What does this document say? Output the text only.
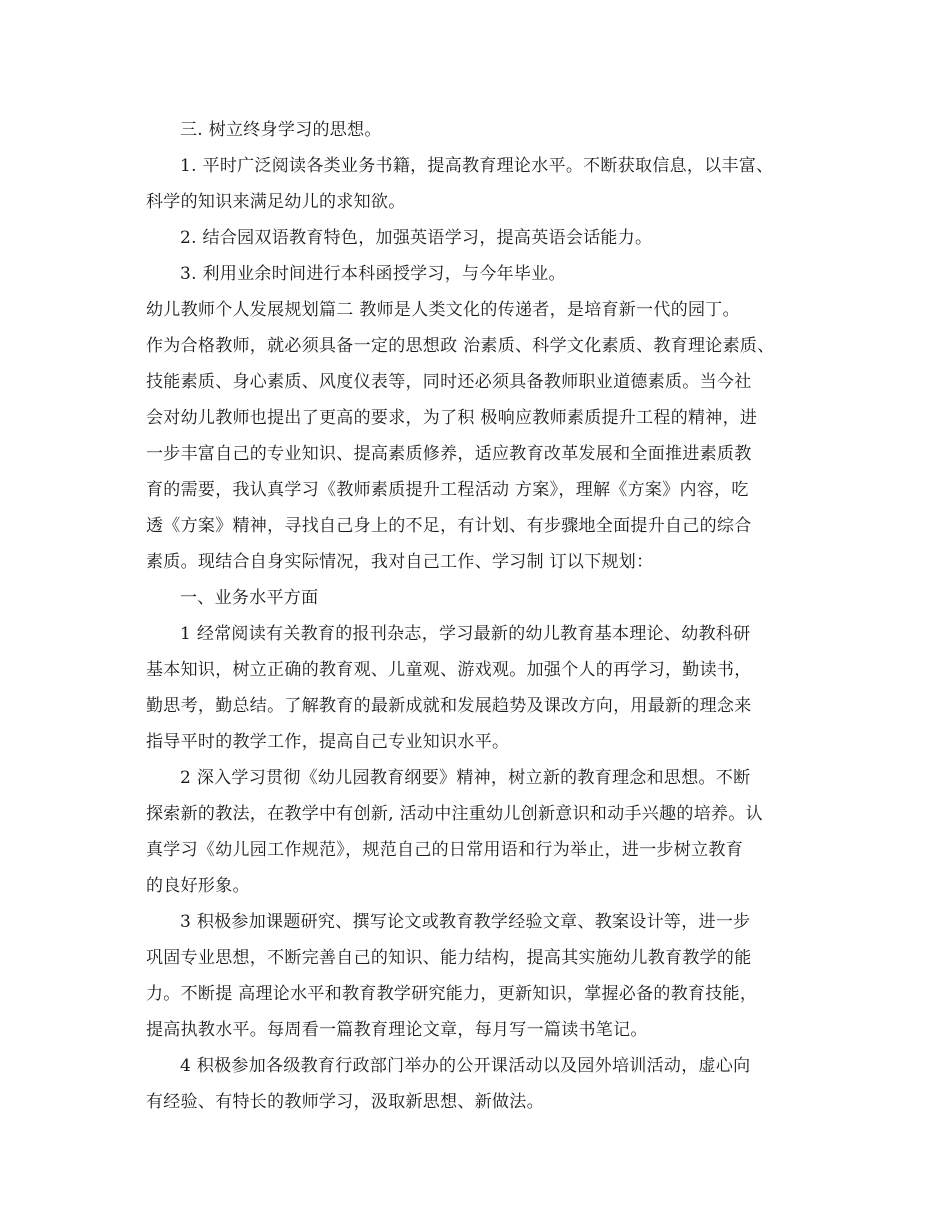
三. 树立终身学习的思想。
1. 平时广泛阅读各类业务书籍，提高教育理论水平。不断获取信息，以丰富、
科学的知识来满足幼儿的求知欲。
2. 结合园双语教育特色，加强英语学习，提高英语会话能力。
3. 利用业余时间进行本科函授学习，与今年毕业。
幼儿教师个人发展规划篇二 教师是人类文化的传递者，是培育新一代的园丁。
作为合格教师，就必须具备一定的思想政 治素质、科学文化素质、教育理论素质、
技能素质、身心素质、风度仪表等，同时还必须具备教师职业道德素质。当今社
会对幼儿教师也提出了更高的要求，为了积 极响应教师素质提升工程的精神，进
一步丰富自己的专业知识、提高素质修养，适应教育改革发展和全面推进素质教
育的需要，我认真学习《教师素质提升工程活动 方案》，理解《方案》内容，吃
透《方案》精神，寻找自己身上的不足，有计划、有步骤地全面提升自己的综合
素质。现结合自身实际情况，我对自己工作、学习制 订以下规划：
一、业务水平方面
1 经常阅读有关教育的报刊杂志，学习最新的幼儿教育基本理论、幼教科研
基本知识，树立正确的教育观、儿童观、游戏观。加强个人的再学习，勤读书，
勤思考，勤总结。了解教育的最新成就和发展趋势及课改方向，用最新的理念来
指导平时的教学工作，提高自己专业知识水平。
2 深入学习贯彻《幼儿园教育纲要》精神，树立新的教育理念和思想。不断
探索新的教法，在教学中有创新, 活动中注重幼儿创新意识和动手兴趣的培养。认
真学习《幼儿园工作规范》，规范自己的日常用语和行为举止，进一步树立教育
的良好形象。
3 积极参加课题研究、撰写论文或教育教学经验文章、教案设计等，进一步
巩固专业思想，不断完善自己的知识、能力结构，提高其实施幼儿教育教学的能
力。不断提 高理论水平和教育教学研究能力，更新知识，掌握必备的教育技能，
提高执教水平。每周看一篇教育理论文章，每月写一篇读书笔记。
4 积极参加各级教育行政部门举办的公开课活动以及园外培训活动，虚心向
有经验、有特长的教师学习，汲取新思想、新做法。
